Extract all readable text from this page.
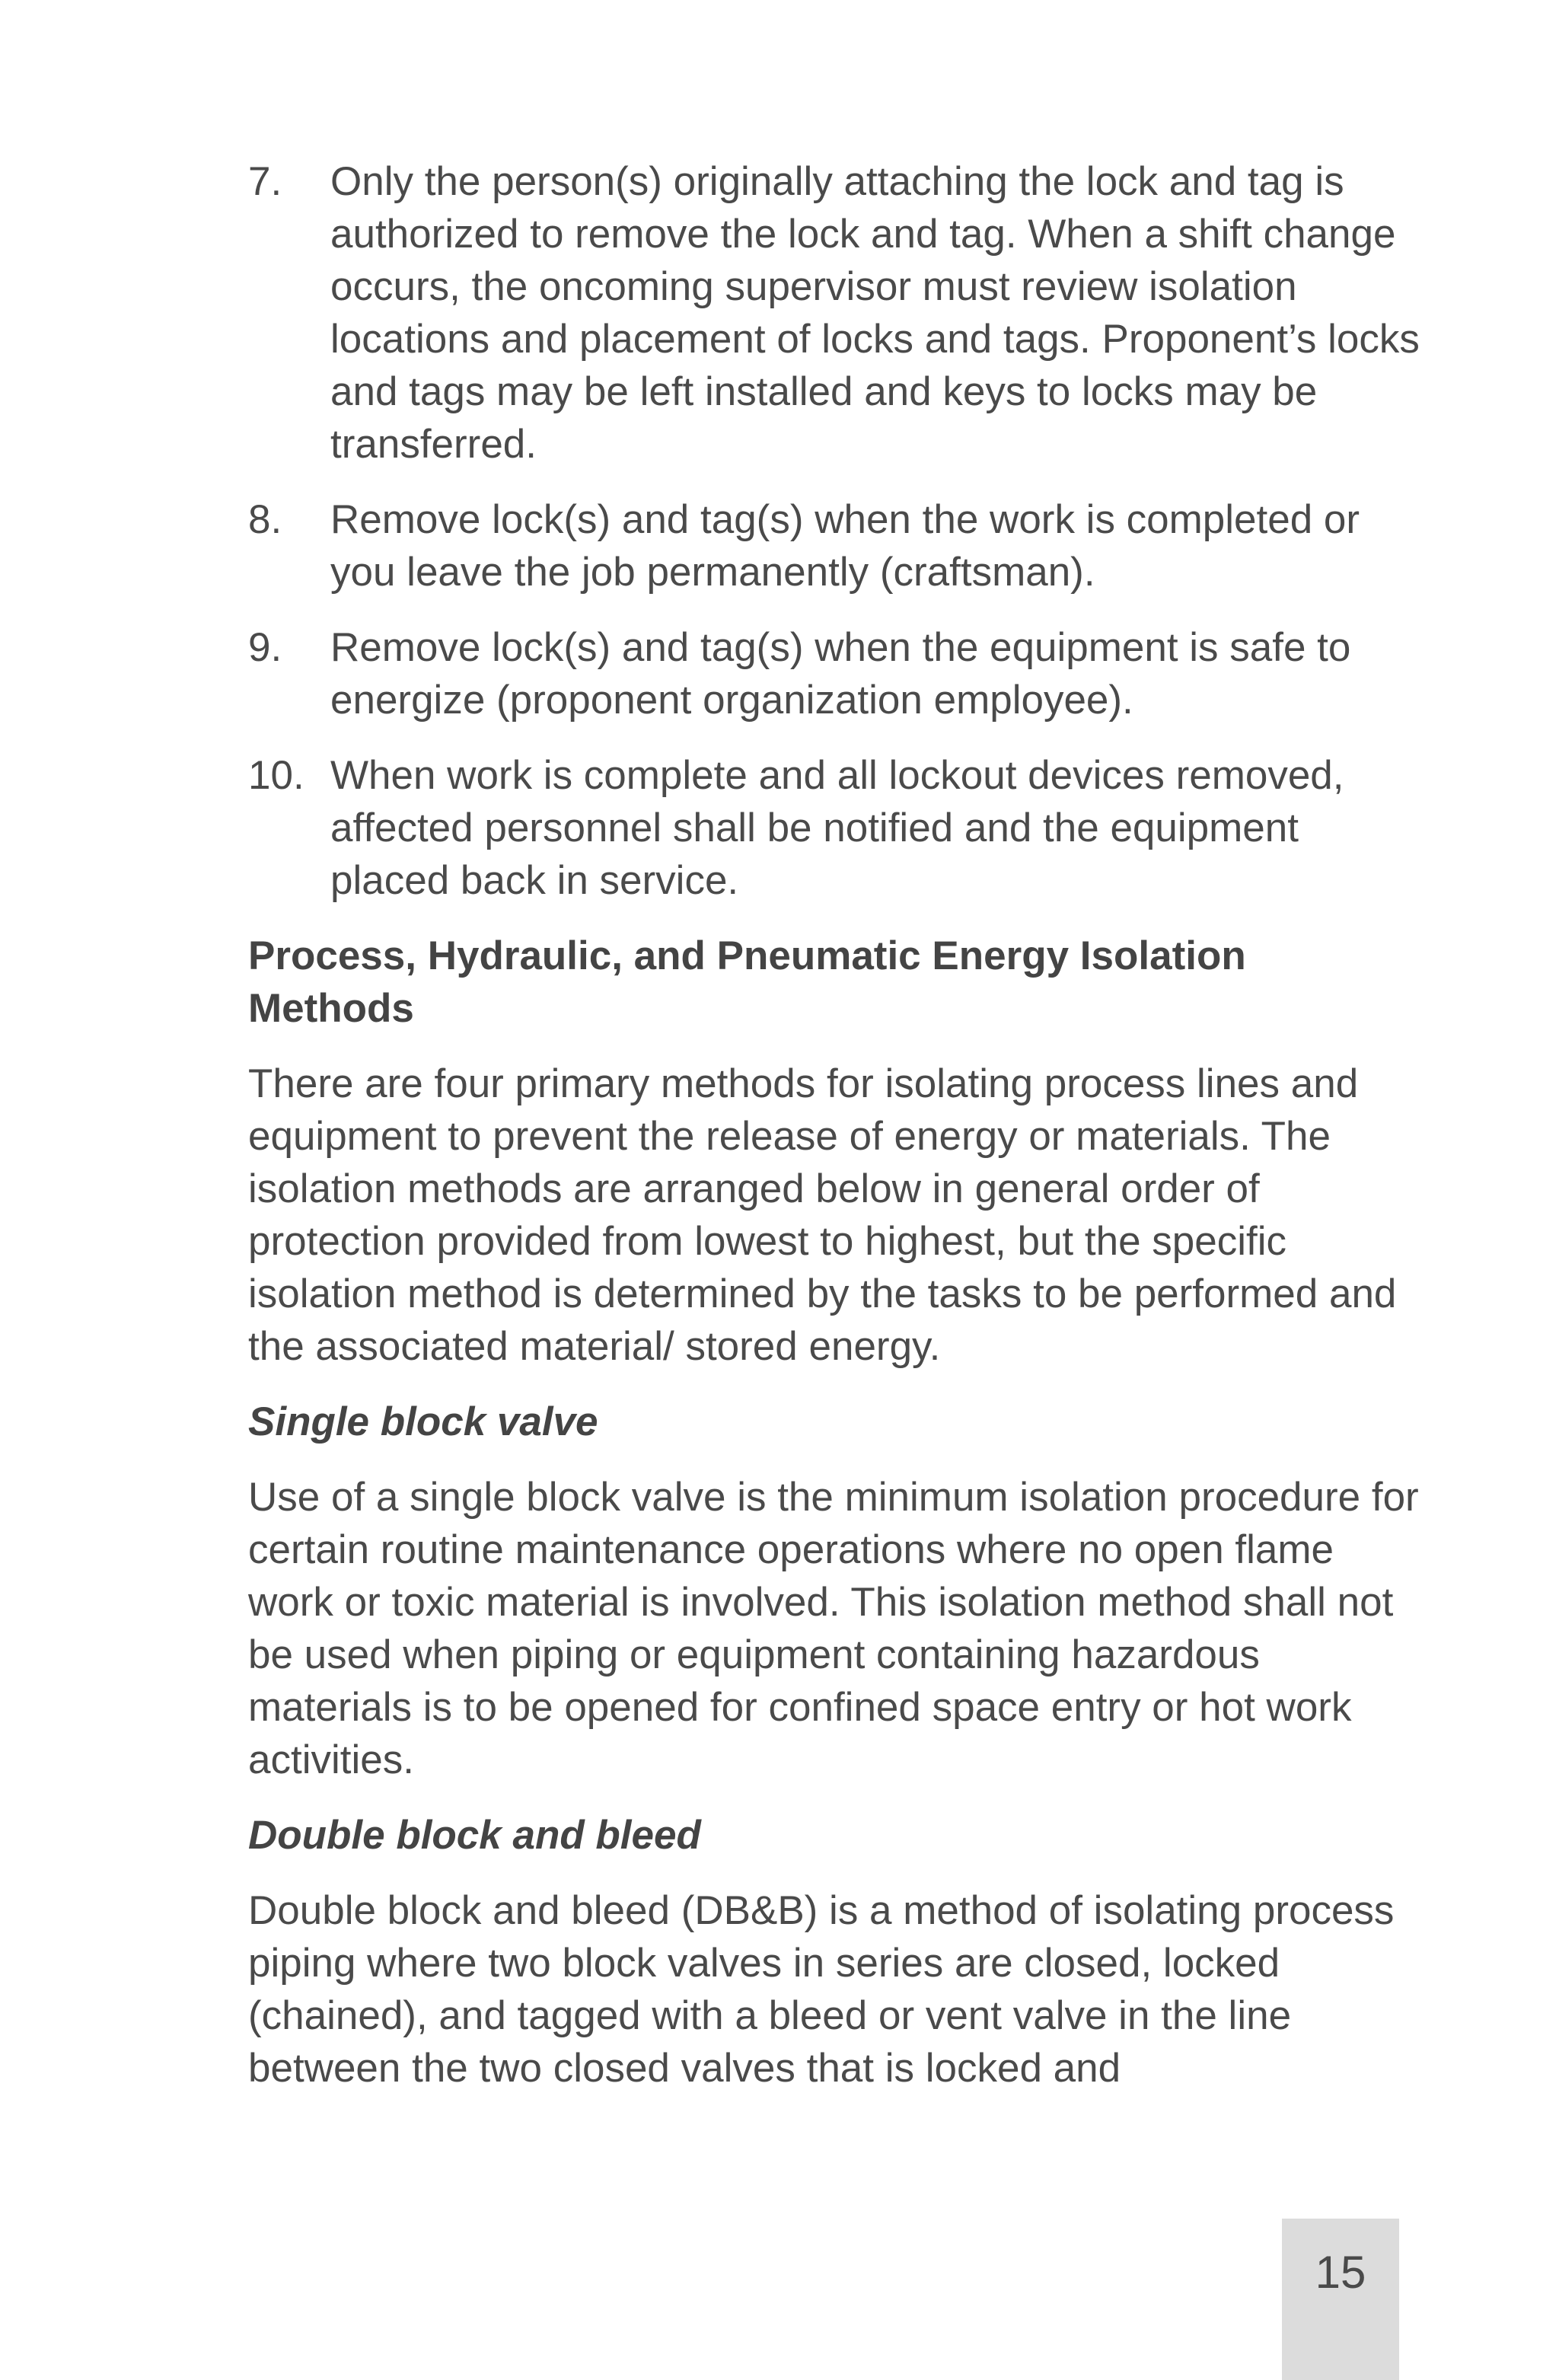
7. Only the person(s) originally attaching the lock and tag is authorized to remove the lock and tag. When a shift change occurs, the oncoming supervisor must review isolation locations and placement of locks and tags. Proponent’s locks and tags may be left installed and keys to locks may be transferred.
8. Remove lock(s) and tag(s) when the work is completed or you leave the job permanently (craftsman).
9. Remove lock(s) and tag(s) when the equipment is safe to energize (proponent organization employee).
10. When work is complete and all lockout devices removed, affected personnel shall be notified and the equipment placed back in service.
Process, Hydraulic, and Pneumatic Energy Isolation Methods
There are four primary methods for isolating process lines and equipment to prevent the release of energy or materials. The isolation methods are arranged below in general order of protection provided from lowest to highest, but the specific isolation method is determined by the tasks to be performed and the associated material/ stored energy.
Single block valve
Use of a single block valve is the minimum isolation procedure for certain routine maintenance operations where no open flame work or toxic material is involved. This isolation method shall not be used when piping or equipment containing hazardous materials is to be opened for confined space entry or hot work activities.
Double block and bleed
Double block and bleed (DB&B) is a method of isolating process piping where two block valves in series are closed, locked (chained), and tagged with a bleed or vent valve in the line between the two closed valves that is locked and
15
